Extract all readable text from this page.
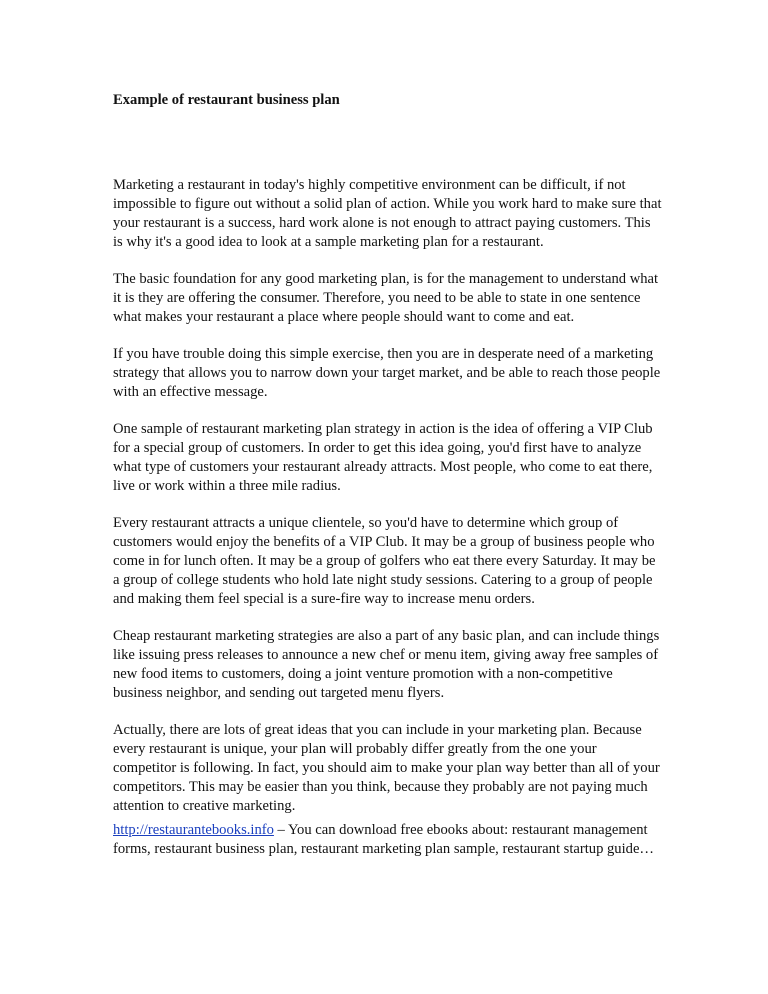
Example of restaurant business plan

Marketing a restaurant in today's highly competitive environment can be difficult, if not impossible to figure out without a solid plan of action. While you work hard to make sure that your restaurant is a success, hard work alone is not enough to attract paying customers. This is why it's a good idea to look at a sample marketing plan for a restaurant.

The basic foundation for any good marketing plan, is for the management to understand what it is they are offering the consumer. Therefore, you need to be able to state in one sentence what makes your restaurant a place where people should want to come and eat.

If you have trouble doing this simple exercise, then you are in desperate need of a marketing strategy that allows you to narrow down your target market, and be able to reach those people with an effective message.

One sample of restaurant marketing plan strategy in action is the idea of offering a VIP Club for a special group of customers. In order to get this idea going, you'd first have to analyze what type of customers your restaurant already attracts. Most people, who come to eat there, live or work within a three mile radius.

Every restaurant attracts a unique clientele, so you'd have to determine which group of customers would enjoy the benefits of a VIP Club. It may be a group of business people who come in for lunch often. It may be a group of golfers who eat there every Saturday. It may be a group of college students who hold late night study sessions. Catering to a group of people and making them feel special is a sure-fire way to increase menu orders.

Cheap restaurant marketing strategies are also a part of any basic plan, and can include things like issuing press releases to announce a new chef or menu item, giving away free samples of new food items to customers, doing a joint venture promotion with a non-competitive business neighbor, and sending out targeted menu flyers.

Actually, there are lots of great ideas that you can include in your marketing plan. Because every restaurant is unique, your plan will probably differ greatly from the one your competitor is following. In fact, you should aim to make your plan way better than all of your competitors. This may be easier than you think, because they probably are not paying much attention to creative marketing.

http://restaurantebooks.info – You can download free ebooks about: restaurant management forms, restaurant business plan, restaurant marketing plan sample, restaurant startup guide…
